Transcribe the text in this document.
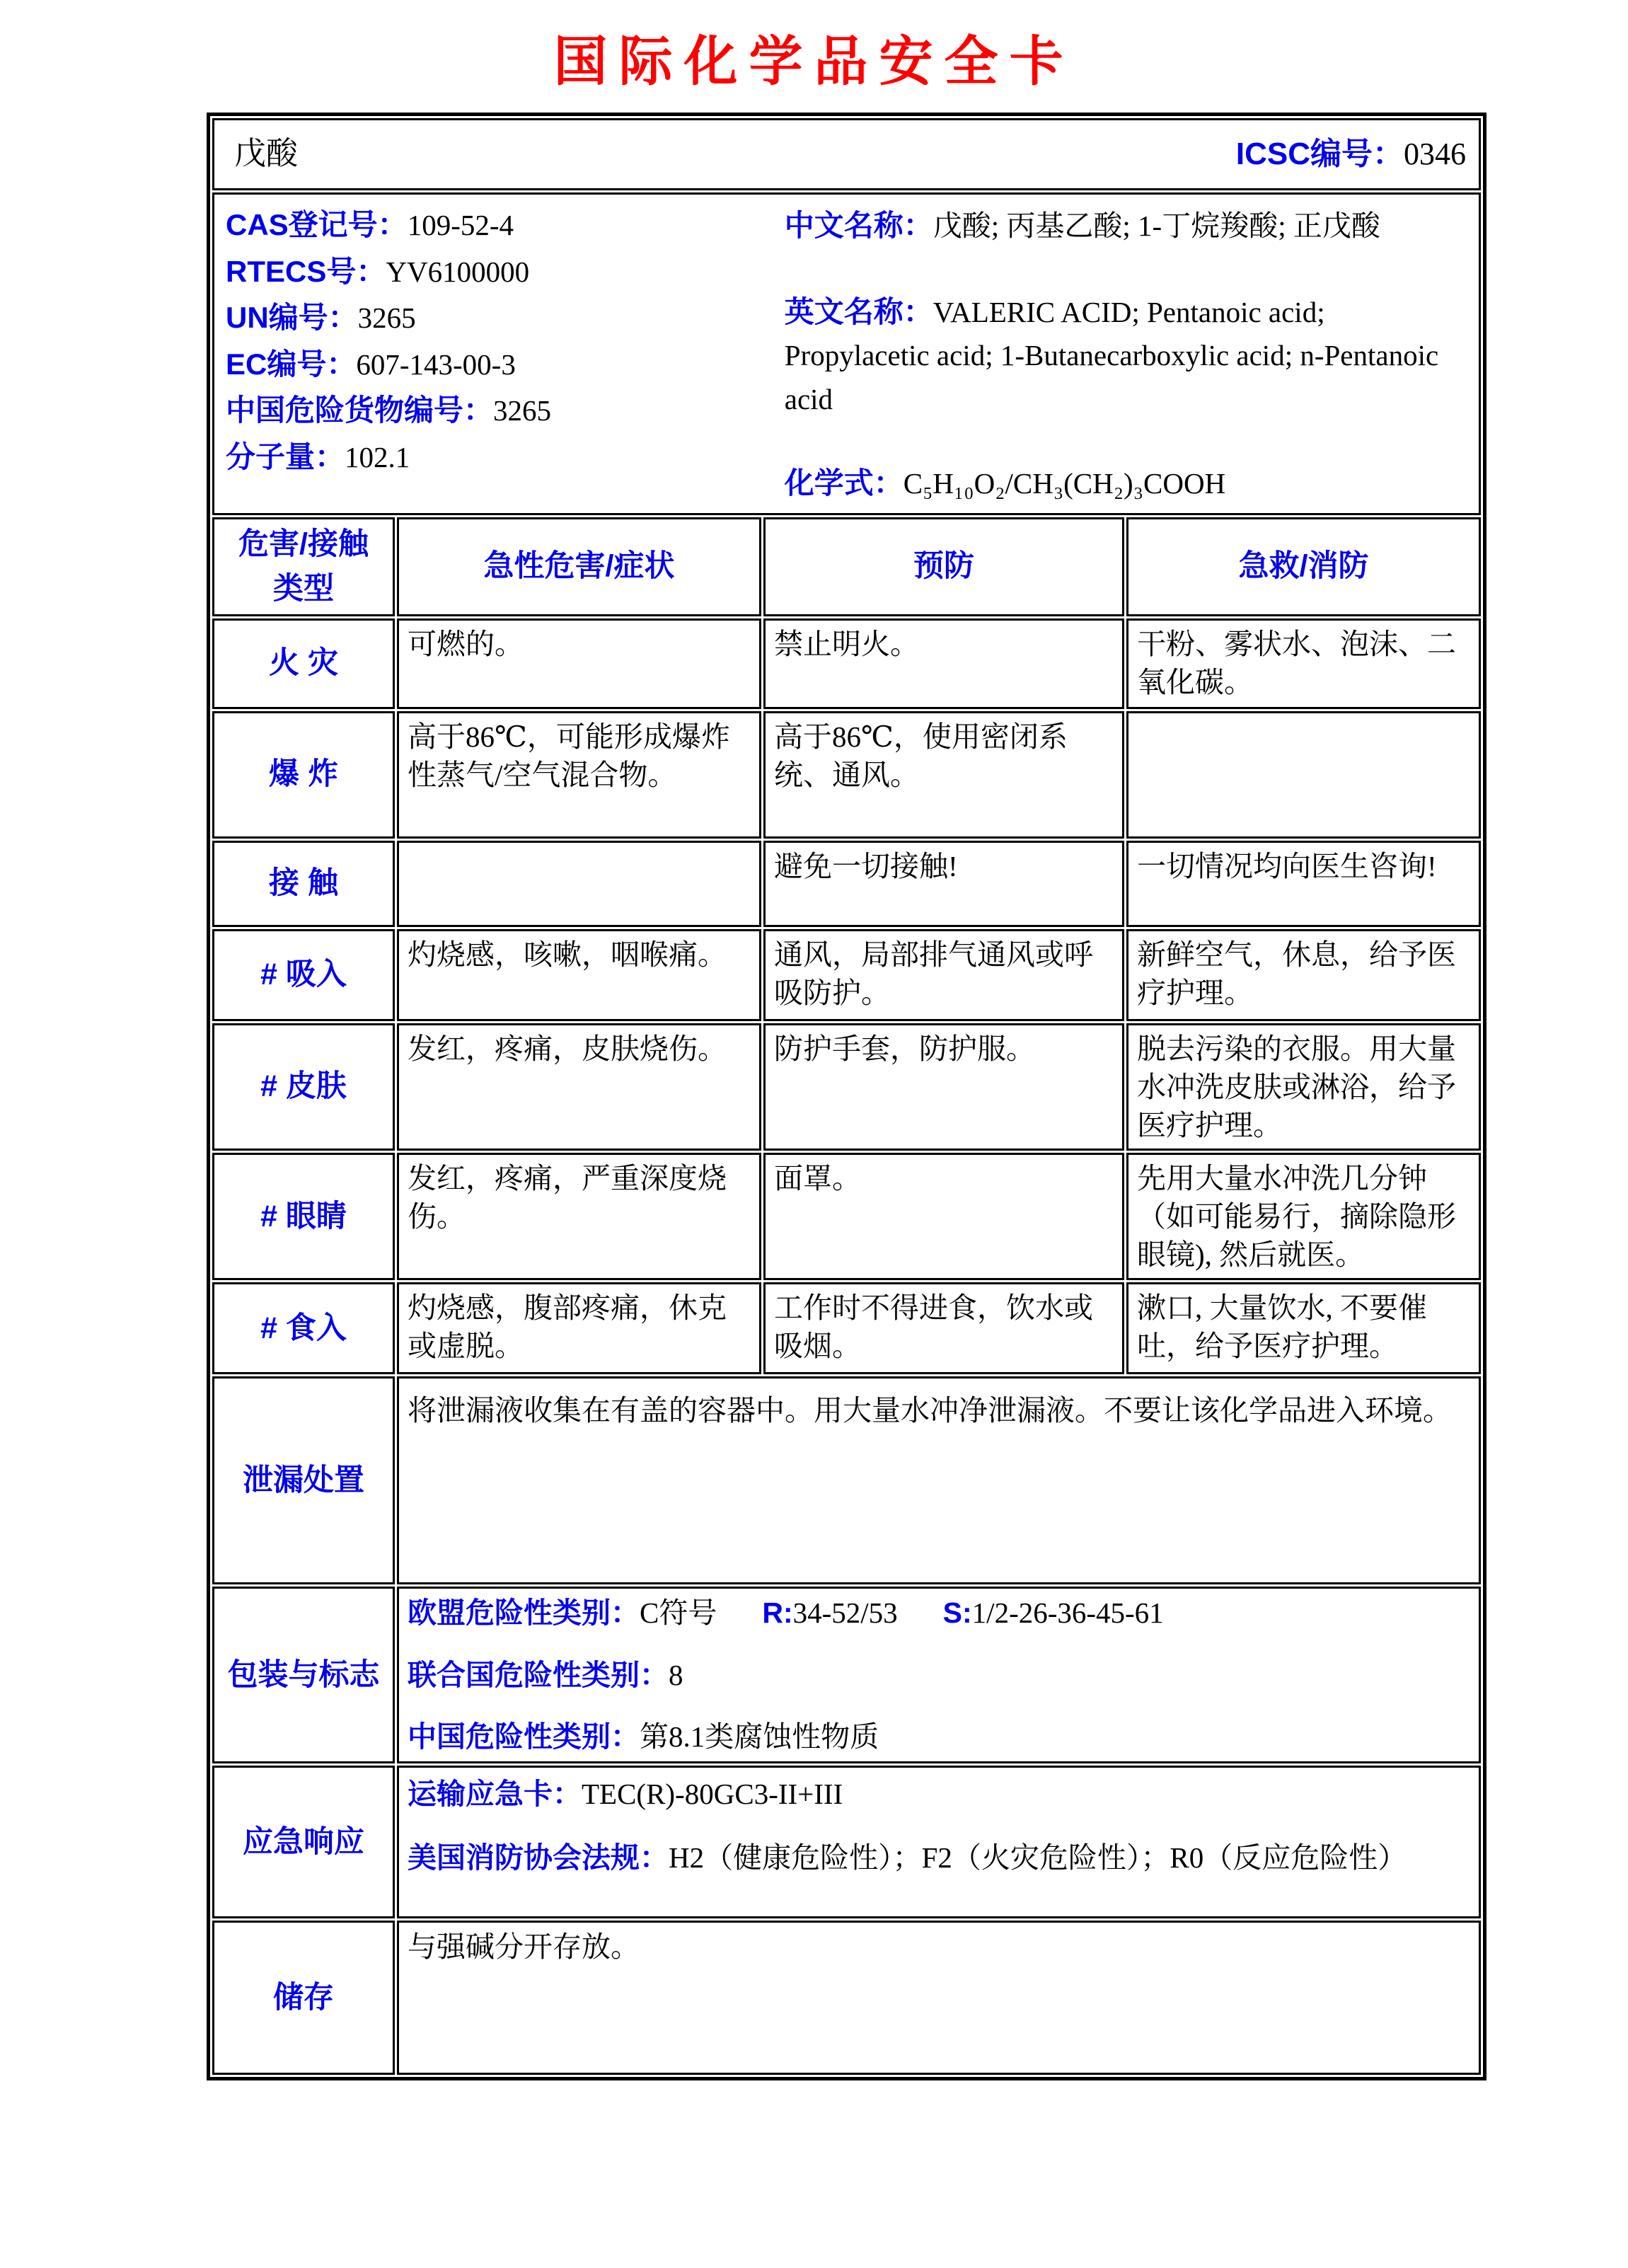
国际化学品安全卡
戊酸 ICSC编号：0346			

CAS登记号：109-52-4
RTECS号：YV6100000
UN编号：3265
EC编号：607-143-00-3
中国危险货物编号：3265
分子量：102.1

中文名称：戊酸; 丙基乙酸; 1-丁烷羧酸; 正戊酸

英文名称：VALERIC ACID; Pentanoic acid; Propylacetic acid; 1-Butanecarboxylic acid; n-Pentanoic acid

化学式：C₅H₁₀O₂/CH₃(CH₂)₃COOH

危害/接触类型	急性危害/症状	预防	急救/消防
火 灾	可燃的。	禁止明火。	干粉、雾状水、泡沫、二氧化碳。
爆 炸	高于86℃，可能形成爆炸性蒸气/空气混合物。	高于86℃，使用密闭系统、通风。	
接 触		避免一切接触!	一切情况均向医生咨询!
# 吸入	灼烧感，咳嗽，咽喉痛。	通风，局部排气通风或呼吸防护。	新鲜空气，休息，给予医疗护理。
# 皮肤	发红，疼痛，皮肤烧伤。	防护手套，防护服。	脱去污染的衣服。用大量水冲洗皮肤或淋浴，给予医疗护理。
# 眼睛	发红，疼痛，严重深度烧伤。	面罩。	先用大量水冲洗几分钟（如可能易行，摘除隐形眼镜), 然后就医。
# 食入	灼烧感，腹部疼痛，休克或虚脱。	工作时不得进食，饮水或吸烟。	漱口, 大量饮水, 不要催吐，给予医疗护理。
泄漏处置	将泄漏液收集在有盖的容器中。用大量水冲净泄漏液。不要让该化学品进入环境。		

包装与标志	欧盟危险性类别：C符号 R:34-52/53 S:1/2-26-36-45-61

联合国危险性类别：8

中国危险性类别：第8.1类腐蚀性物质		

应急响应	运输应急卡：TEC(R)-80GC3-II+III

美国消防协会法规：H2（健康危险性）；F2（火灾危险性）；R0（反应危险性）		

储存	与强碱分开存放。		
